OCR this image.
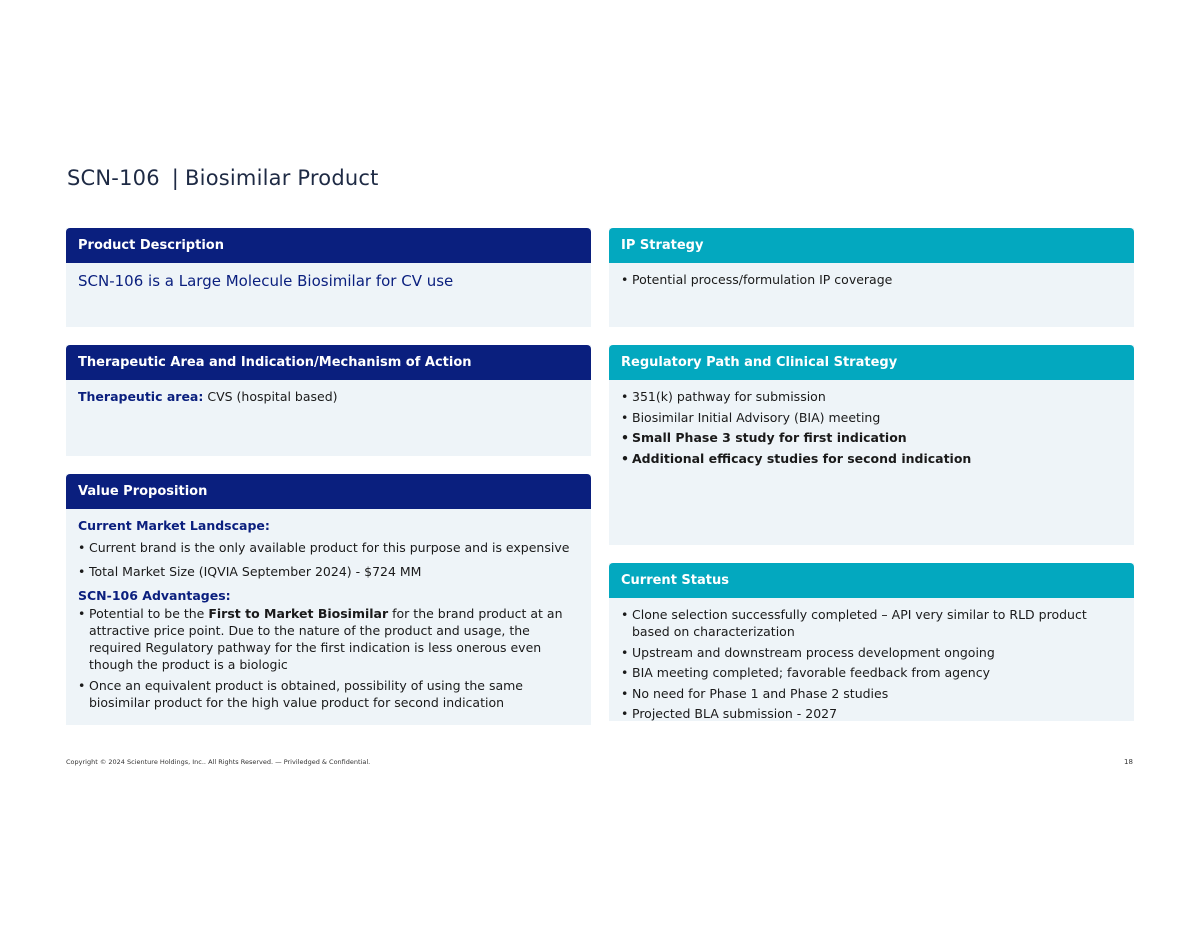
SCN-106 | Biosimilar Product
Product Description
SCN-106 is a Large Molecule Biosimilar for CV use
Therapeutic Area and Indication/Mechanism of Action
Therapeutic area: CVS (hospital based)
Value Proposition
Current Market Landscape:
• Current brand is the only available product for this purpose and is expensive
• Total Market Size (IQVIA September 2024) - $724 MM
SCN-106 Advantages:
• Potential to be the First to Market Biosimilar for the brand product at an attractive price point. Due to the nature of the product and usage, the required Regulatory pathway for the first indication is less onerous even though the product is a biologic
• Once an equivalent product is obtained, possibility of using the same biosimilar product for the high value product for second indication
IP Strategy
• Potential process/formulation IP coverage
Regulatory Path and Clinical Strategy
• 351(k) pathway for submission
• Biosimilar Initial Advisory (BIA) meeting
• Small Phase 3 study for first indication
• Additional efficacy studies for second indication
Current Status
• Clone selection successfully completed – API very similar to RLD product based on characterization
• Upstream and downstream process development ongoing
• BIA meeting completed; favorable feedback from agency
• No need for Phase 1 and Phase 2 studies
• Projected BLA submission - 2027
Copyright © 2024 Scienture Holdings, Inc.. All Rights Reserved. — Priviledged & Confidential.	18
